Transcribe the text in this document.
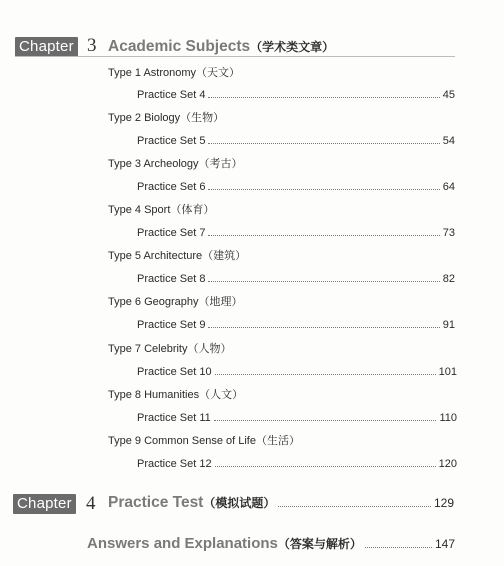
Chapter 3 Academic Subjects（学术类文章）
Type 1 Astronomy（天文）
Practice Set 4	45
Type 2 Biology（生物）
Practice Set 5	54
Type 3 Archeology（考古）
Practice Set 6	64
Type 4 Sport（体育）
Practice Set 7	73
Type 5 Architecture（建筑）
Practice Set 8	82
Type 6 Geography（地理）
Practice Set 9	91
Type 7 Celebrity（人物）
Practice Set 10	101
Type 8 Humanities（人文）
Practice Set 11	110
Type 9 Common Sense of Life（生活）
Practice Set 12	120
Chapter 4 Practice Test（模拟试题）	129
Answers and Explanations（答案与解析）	147
